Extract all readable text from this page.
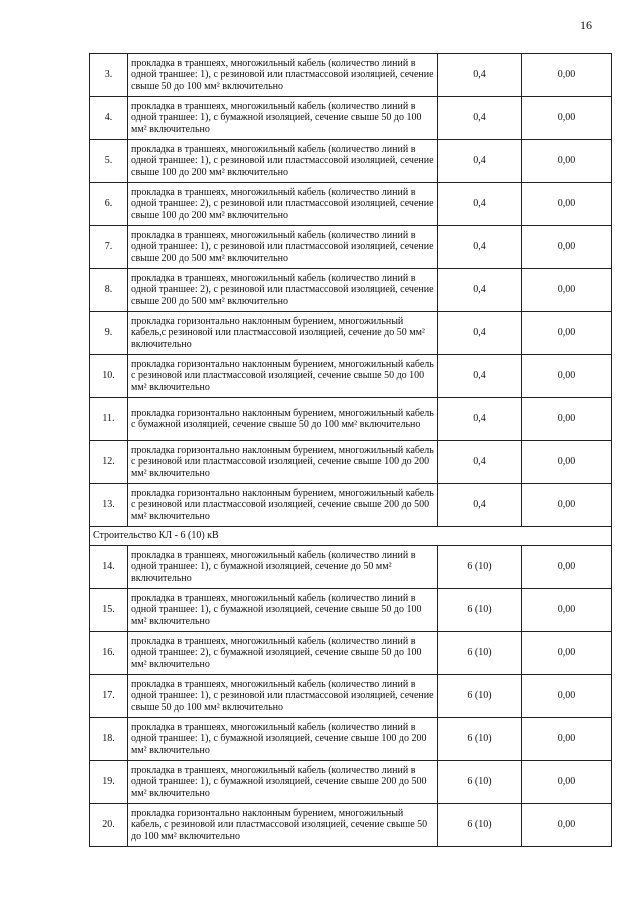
16
3.	прокладка в траншеях, многожильный кабель (количество линий в одной траншее: 1), с резиновой или пластмассовой изоляцией, сечение свыше 50 до 100 мм² включительно	0,4	0,00
4.	прокладка в траншеях, многожильный кабель (количество линий в одной траншее: 1), с бумажной изоляцией, сечение свыше 50 до 100 мм² включительно	0,4	0,00
5.	прокладка в траншеях, многожильный кабель (количество линий в одной траншее: 1), с резиновой или пластмассовой изоляцией, сечение свыше 100 до 200 мм² включительно	0,4	0,00
6.	прокладка в траншеях, многожильный кабель (количество линий в одной траншее: 2), с резиновой или пластмассовой изоляцией, сечение свыше 100 до 200 мм² включительно	0,4	0,00
7.	прокладка в траншеях, многожильный кабель (количество линий в одной траншее: 1), с резиновой или пластмассовой изоляцией, сечение свыше 200 до 500 мм² включительно	0,4	0,00
8.	прокладка в траншеях, многожильный кабель (количество линий в одной траншее: 2), с резиновой или пластмассовой изоляцией, сечение свыше 200 до 500 мм² включительно	0,4	0,00
9.	прокладка горизонтально наклонным бурением, многожильный кабель,с резиновой или пластмассовой изоляцией, сечение до 50 мм² включительно	0,4	0,00
10.	прокладка горизонтально наклонным бурением, многожильный кабель с резиновой или пластмассовой изоляцией, сечение свыше 50 до 100 мм² включительно	0,4	0,00
11.	прокладка горизонтально наклонным бурением, многожильный кабель с бумажной изоляцией, сечение свыше 50 до 100 мм² включительно	0,4	0,00
12.	прокладка горизонтально наклонным бурением, многожильный кабель с резиновой или пластмассовой изоляцией, сечение свыше 100 до 200 мм² включительно	0,4	0,00
13.	прокладка горизонтально наклонным бурением, многожильный кабель с резиновой или пластмассовой изоляцией, сечение свыше 200 до 500 мм² включительно	0,4	0,00
Строительство КЛ - 6 (10) кВ			
14.	прокладка в траншеях, многожильный кабель (количество линий в одной траншее: 1), с бумажной изоляцией, сечение до 50 мм² включительно	6 (10)	0,00
15.	прокладка в траншеях, многожильный кабель (количество линий в одной траншее: 1), с бумажной изоляцией, сечение свыше 50 до 100 мм² включительно	6 (10)	0,00
16.	прокладка в траншеях, многожильный кабель (количество линий в одной траншее: 2), с бумажной изоляцией, сечение свыше 50 до 100 мм² включительно	6 (10)	0,00
17.	прокладка в траншеях, многожильный кабель (количество линий в одной траншее: 1), с резиновой или пластмассовой изоляцией, сечение свыше 50 до 100 мм² включительно	6 (10)	0,00
18.	прокладка в траншеях, многожильный кабель (количество линий в одной траншее: 1), с бумажной изоляцией, сечение свыше 100 до 200 мм² включительно	6 (10)	0,00
19.	прокладка в траншеях, многожильный кабель (количество линий в одной траншее: 1), с бумажной изоляцией, сечение свыше 200 до 500 мм² включительно	6 (10)	0,00
20.	прокладка горизонтально наклонным бурением, многожильный кабель, с резиновой или пластмассовой изоляцией, сечение свыше 50 до 100 мм² включительно	6 (10)	0,00
